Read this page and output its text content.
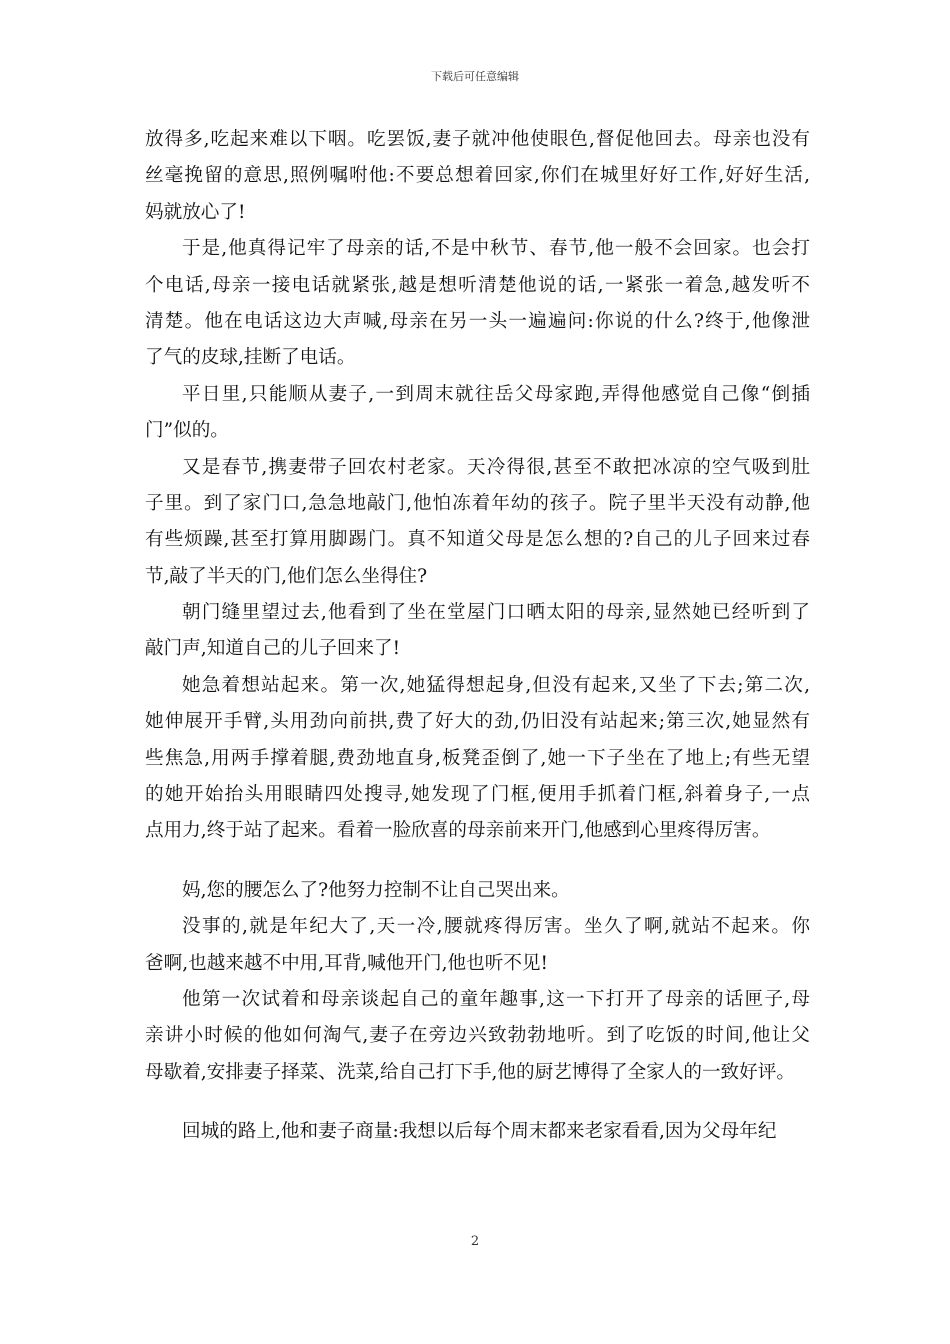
下载后可任意编辑
放得多,吃起来难以下咽。吃罢饭,妻子就冲他使眼色,督促他回去。母亲也没有
丝毫挽留的意思,照例嘱咐他:不要总想着回家,你们在城里好好工作,好好生活,
妈就放心了!
于是,他真得记牢了母亲的话,不是中秋节、春节,他一般不会回家。也会打
个电话,母亲一接电话就紧张,越是想听清楚他说的话,一紧张一着急,越发听不
清楚。他在电话这边大声喊,母亲在另一头一遍遍问:你说的什么?终于,他像泄
了气的皮球,挂断了电话。
平日里,只能顺从妻子,一到周末就往岳父母家跑,弄得他感觉自己像“倒插
门”似的。
又是春节,携妻带子回农村老家。天冷得很,甚至不敢把冰凉的空气吸到肚
子里。到了家门口,急急地敲门,他怕冻着年幼的孩子。院子里半天没有动静,他
有些烦躁,甚至打算用脚踢门。真不知道父母是怎么想的?自己的儿子回来过春
节,敲了半天的门,他们怎么坐得住?
朝门缝里望过去,他看到了坐在堂屋门口晒太阳的母亲,显然她已经听到了
敲门声,知道自己的儿子回来了!
她急着想站起来。第一次,她猛得想起身,但没有起来,又坐了下去;第二次,
她伸展开手臂,头用劲向前拱,费了好大的劲,仍旧没有站起来;第三次,她显然有
些焦急,用两手撑着腿,费劲地直身,板凳歪倒了,她一下子坐在了地上;有些无望
的她开始抬头用眼睛四处搜寻,她发现了门框,便用手抓着门框,斜着身子,一点
点用力,终于站了起来。看着一脸欣喜的母亲前来开门,他感到心里疼得厉害。
妈,您的腰怎么了?他努力控制不让自己哭出来。
没事的,就是年纪大了,天一冷,腰就疼得厉害。坐久了啊,就站不起来。你
爸啊,也越来越不中用,耳背,喊他开门,他也听不见!
他第一次试着和母亲谈起自己的童年趣事,这一下打开了母亲的话匣子,母
亲讲小时候的他如何淘气,妻子在旁边兴致勃勃地听。到了吃饭的时间,他让父
母歇着,安排妻子择菜、洗菜,给自己打下手,他的厨艺博得了全家人的一致好评。
回城的路上,他和妻子商量:我想以后每个周末都来老家看看,因为父母年纪
2
